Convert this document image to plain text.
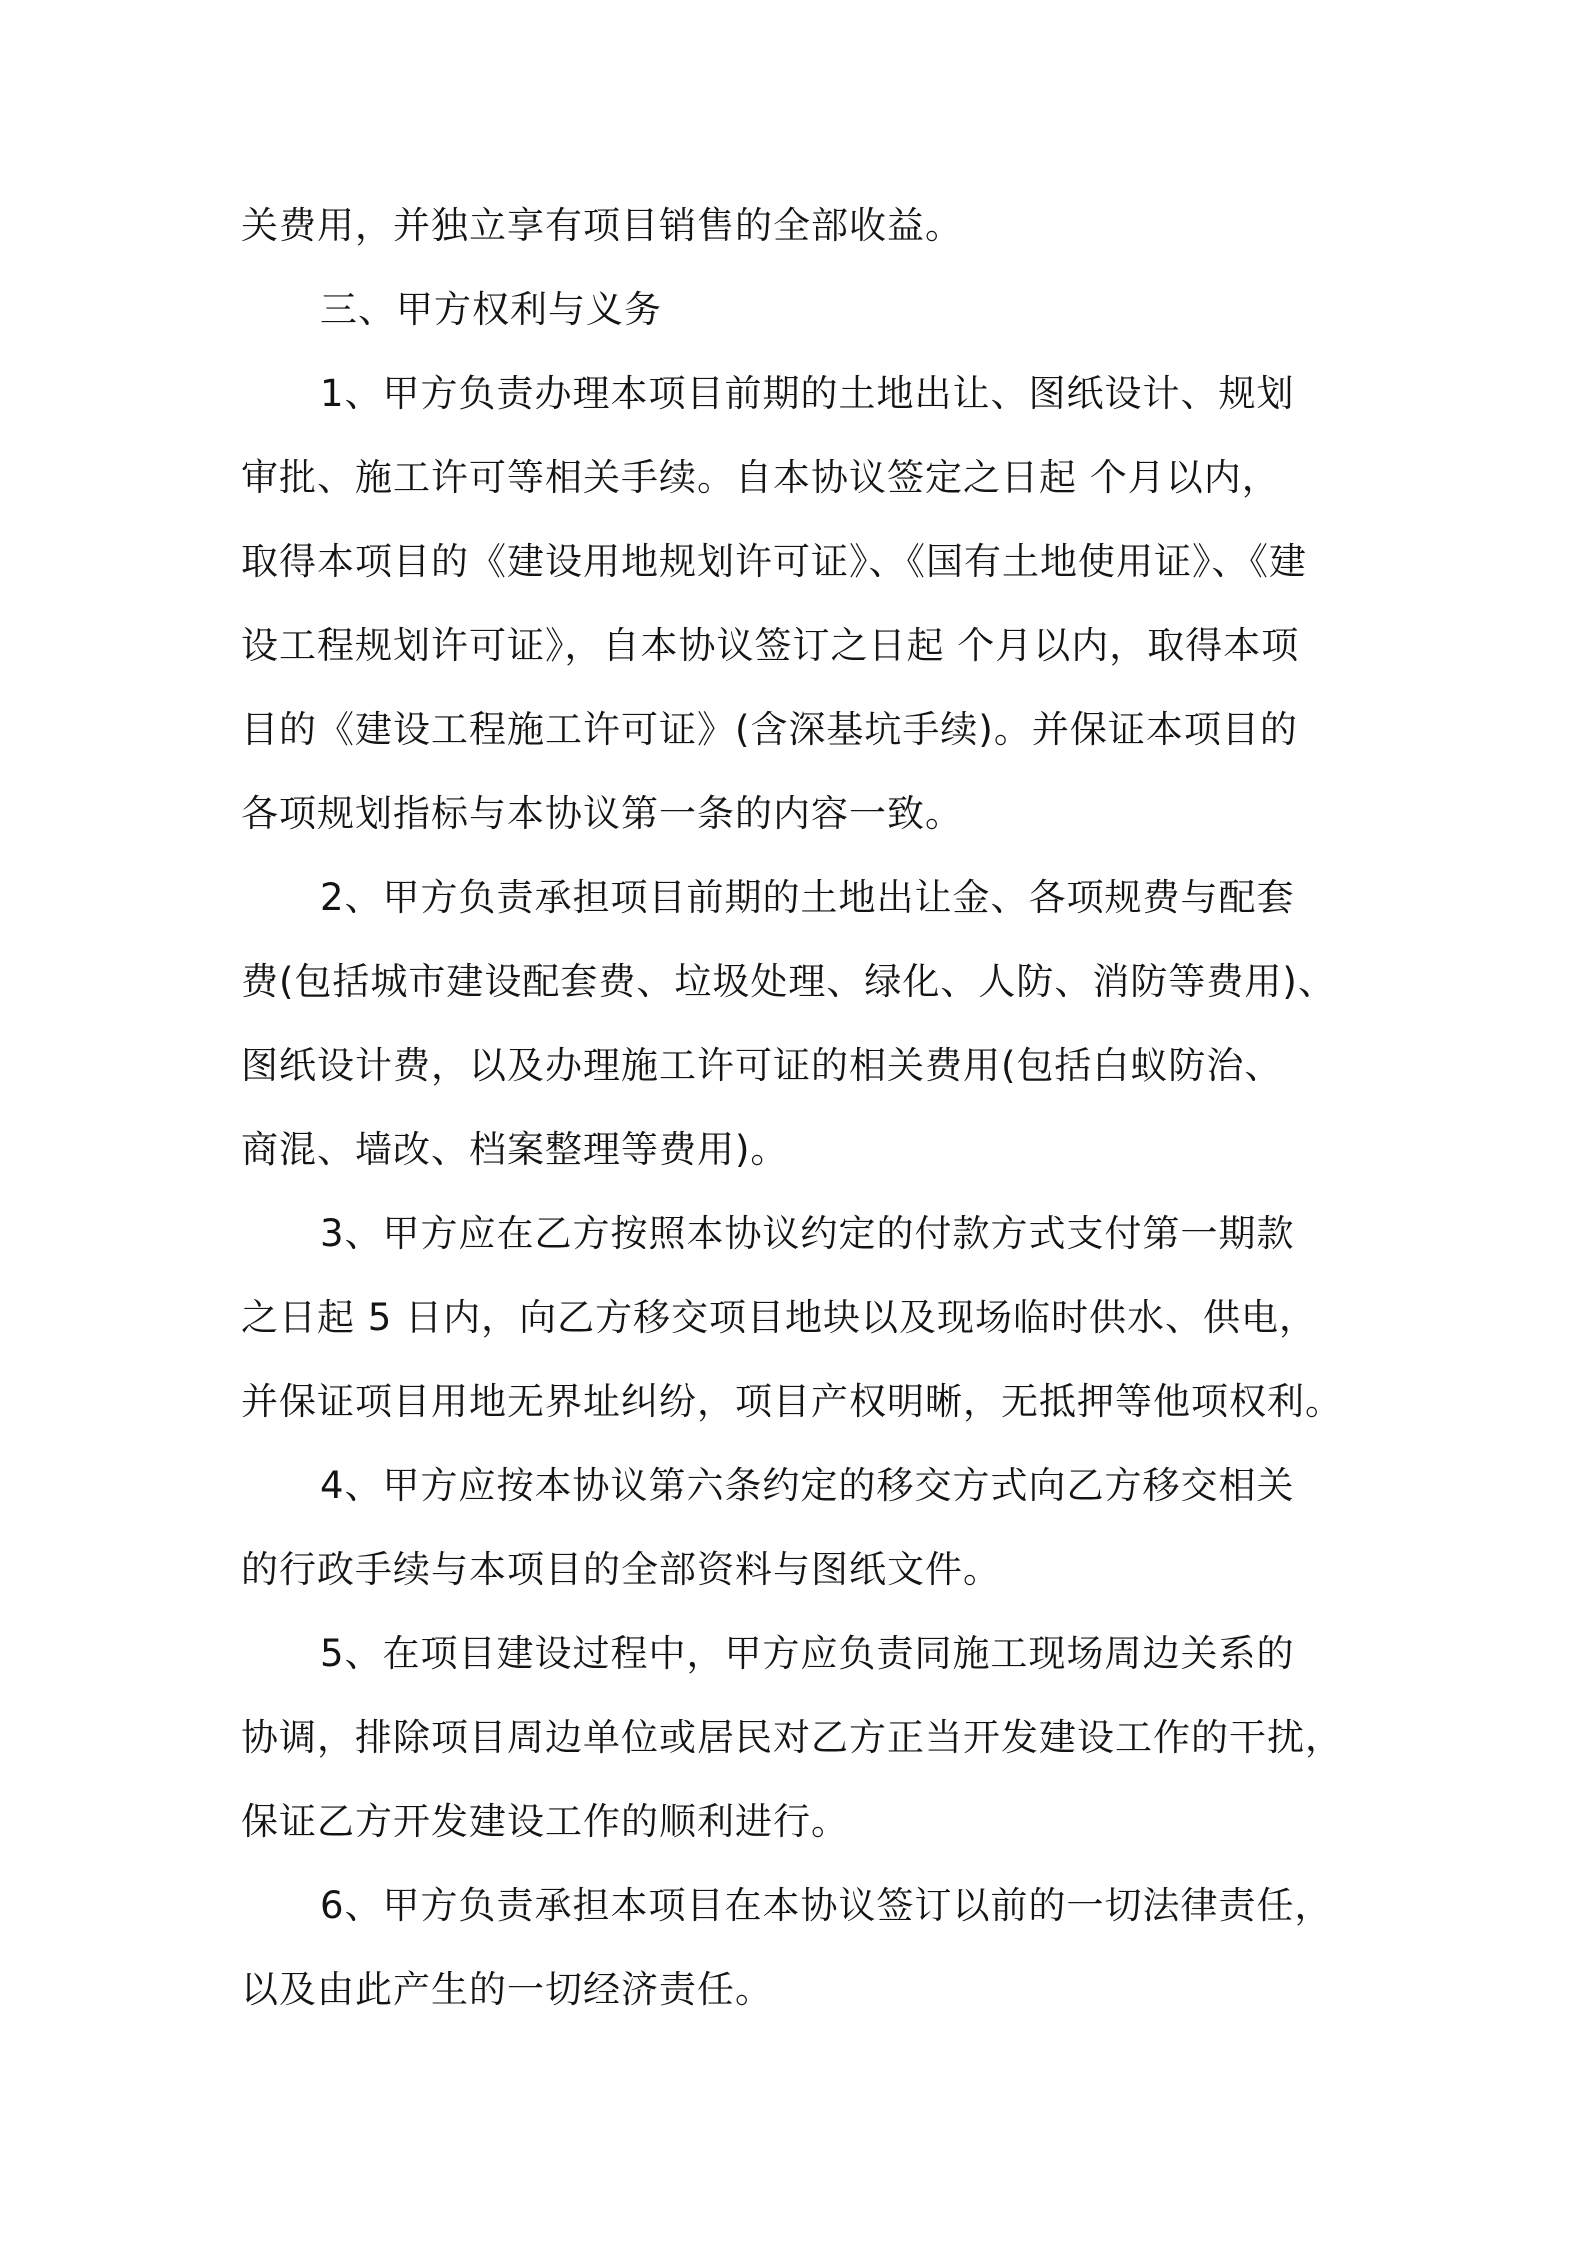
关费用，并独立享有项目销售的全部收益。

三、甲方权利与义务

1、甲方负责办理本项目前期的土地出让、图纸设计、规划

审批、施工许可等相关手续。自本协议签定之日起 个月以内，

取得本项目的《建设用地规划许可证》、《国有土地使用证》、《建

设工程规划许可证》，自本协议签订之日起 个月以内，取得本项

目的《建设工程施工许可证》(含深基坑手续)。并保证本项目的

各项规划指标与本协议第一条的内容一致。

2、甲方负责承担项目前期的土地出让金、各项规费与配套

费(包括城市建设配套费、垃圾处理、绿化、人防、消防等费用)、

图纸设计费，以及办理施工许可证的相关费用(包括白蚁防治、

商混、墙改、档案整理等费用)。

3、甲方应在乙方按照本协议约定的付款方式支付第一期款

之日起 5 日内，向乙方移交项目地块以及现场临时供水、供电，

并保证项目用地无界址纠纷，项目产权明晰，无抵押等他项权利。

4、甲方应按本协议第六条约定的移交方式向乙方移交相关

的行政手续与本项目的全部资料与图纸文件。

5、在项目建设过程中，甲方应负责同施工现场周边关系的

协调，排除项目周边单位或居民对乙方正当开发建设工作的干扰，

保证乙方开发建设工作的顺利进行。

6、甲方负责承担本项目在本协议签订以前的一切法律责任，

以及由此产生的一切经济责任。
